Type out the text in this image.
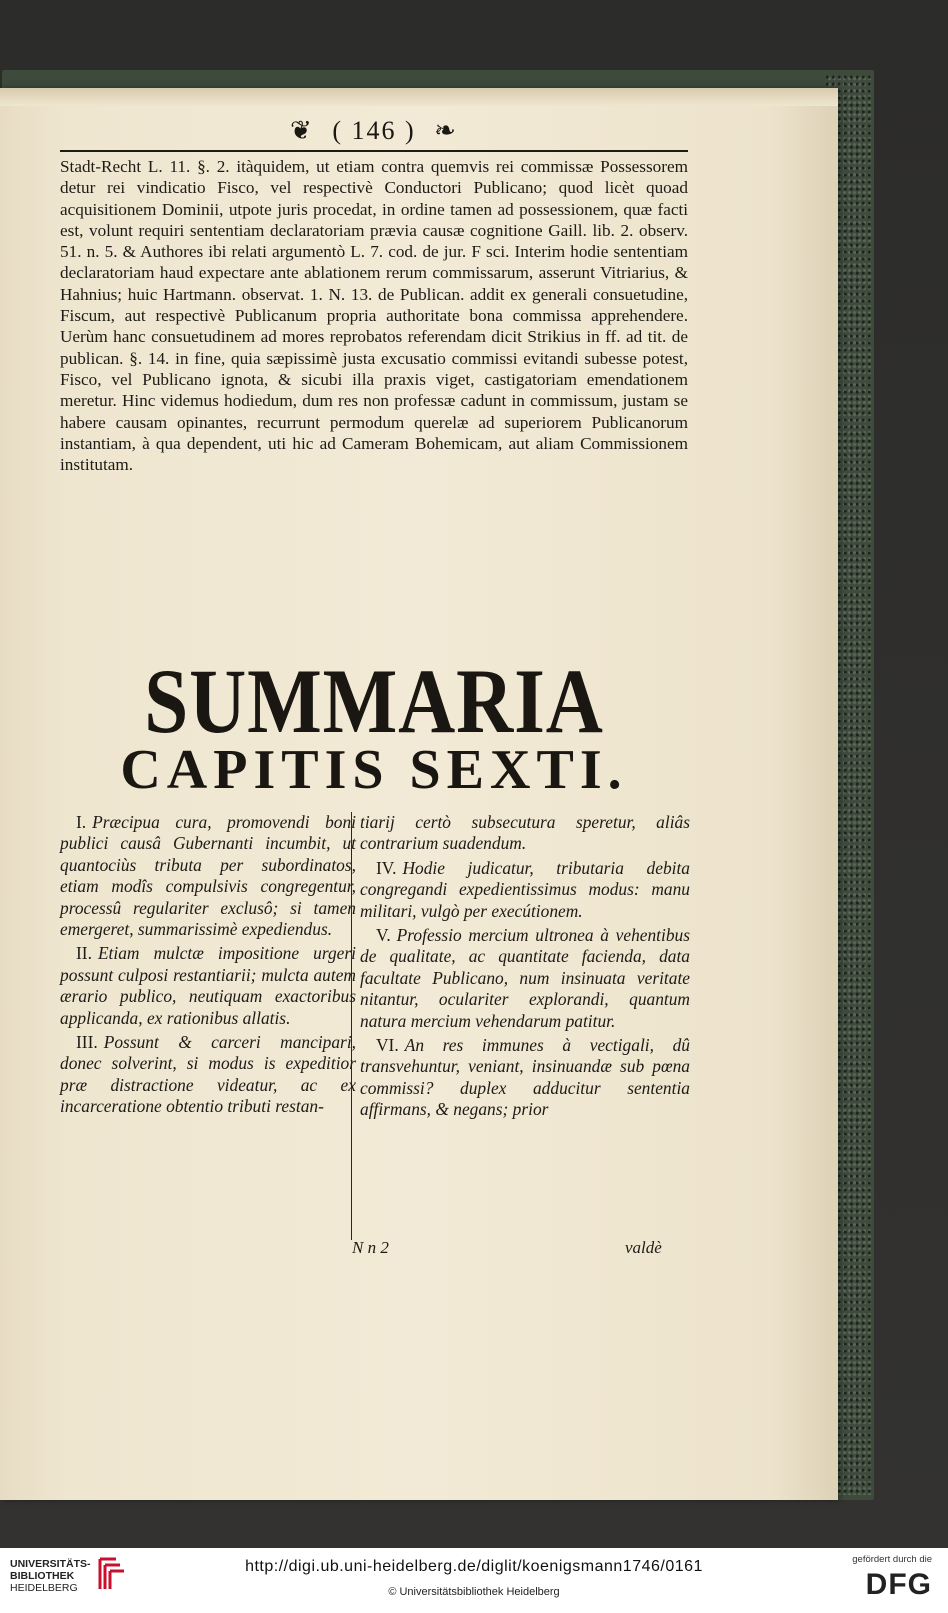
❦ ( 146 ) ❧

Stadt-Recht L. 11. §. 2. itàquidem, ut etiam contra quemvis rei commissæ Possessorem detur rei vindicatio Fisco, vel respectivè Conductori Publicano; quod licèt quoad acquisitionem Dominii, utpote juris procedat, in ordine tamen ad possessionem, quæ facti est, volunt requiri sententiam declaratoriam prævia causæ cognitione Gaill. lib. 2. observ. 51. n. 5. & Authores ibi relati argumentò L. 7. cod. de jur. F sci. Interim hodie sententiam declaratoriam haud expectare ante ablationem rerum commissarum, asserunt Vitriarius, & Hahnius; huic Hartmann. observat. 1. N. 13. de Publican. addit ex generali consuetudine, Fiscum, aut respectivè Publicanum propria authoritate bona commissa apprehendere. Uerùm hanc consuetudinem ad mores reprobatos referendam dicit Strikius in ff. ad tit. de publican. §. 14. in fine, quia sæpissimè justa excusatio commissi evitandi subesse potest, Fisco, vel Publicano ignota, & sicubi illa praxis viget, castigatoriam emendationem meretur. Hinc videmus hodiedum, dum res non professæ cadunt in commissum, justam se habere causam opinantes, recurrunt permodum querelæ ad superiorem Publicanorum instantiam, à qua dependent, uti hic ad Cameram Bohemicam, aut aliam Commissionem institutam.

SUMMARIA
CAPITIS SEXTI.

I. Præcipua cura, promovendi boni publici causâ Gubernanti incumbit, ut quantociùs tributa per subordinatos, etiam modîs compulsivis congregentur, processû regulariter exclusô; si tamen emergeret, summarissimè expediendus.

II. Etiam mulctæ impositione urgeri possunt culposi restantiarii; mulcta autem ærario publico, neutiquam exactoribus applicanda, ex rationibus allatis.

III. Possunt & carceri mancipari, donec solverint, si modus is expeditior præ distractione videatur, ac ex incarceratione obtentio tributi restan-

tiarij certò subsecutura speretur, aliâs contrarium suadendum.

IV. Hodie judicatur, tributaria debita congregandi expedientissimus modus: manu militari, vulgò per execútionem.

V. Professio mercium ultronea à vehentibus de qualitate, ac quantitate facienda, data facultate Publicano, num insinuata veritate nitantur, oculariter explorandi, quantum natura mercium vehendarum patitur.

VI. An res immunes à vectigali, dû transvehuntur, veniant, insinuandæ sub pœna commissi? duplex adducitur sententia affirmans, & negans; prior

N n 2	valdè
UNIVERSITÄTS-
BIBLIOTHEK
HEIDELBERG
http://digi.ub.uni-heidelberg.de/diglit/koenigsmann1746/0161
© Universitätsbibliothek Heidelberg
gefördert durch die
DFG
